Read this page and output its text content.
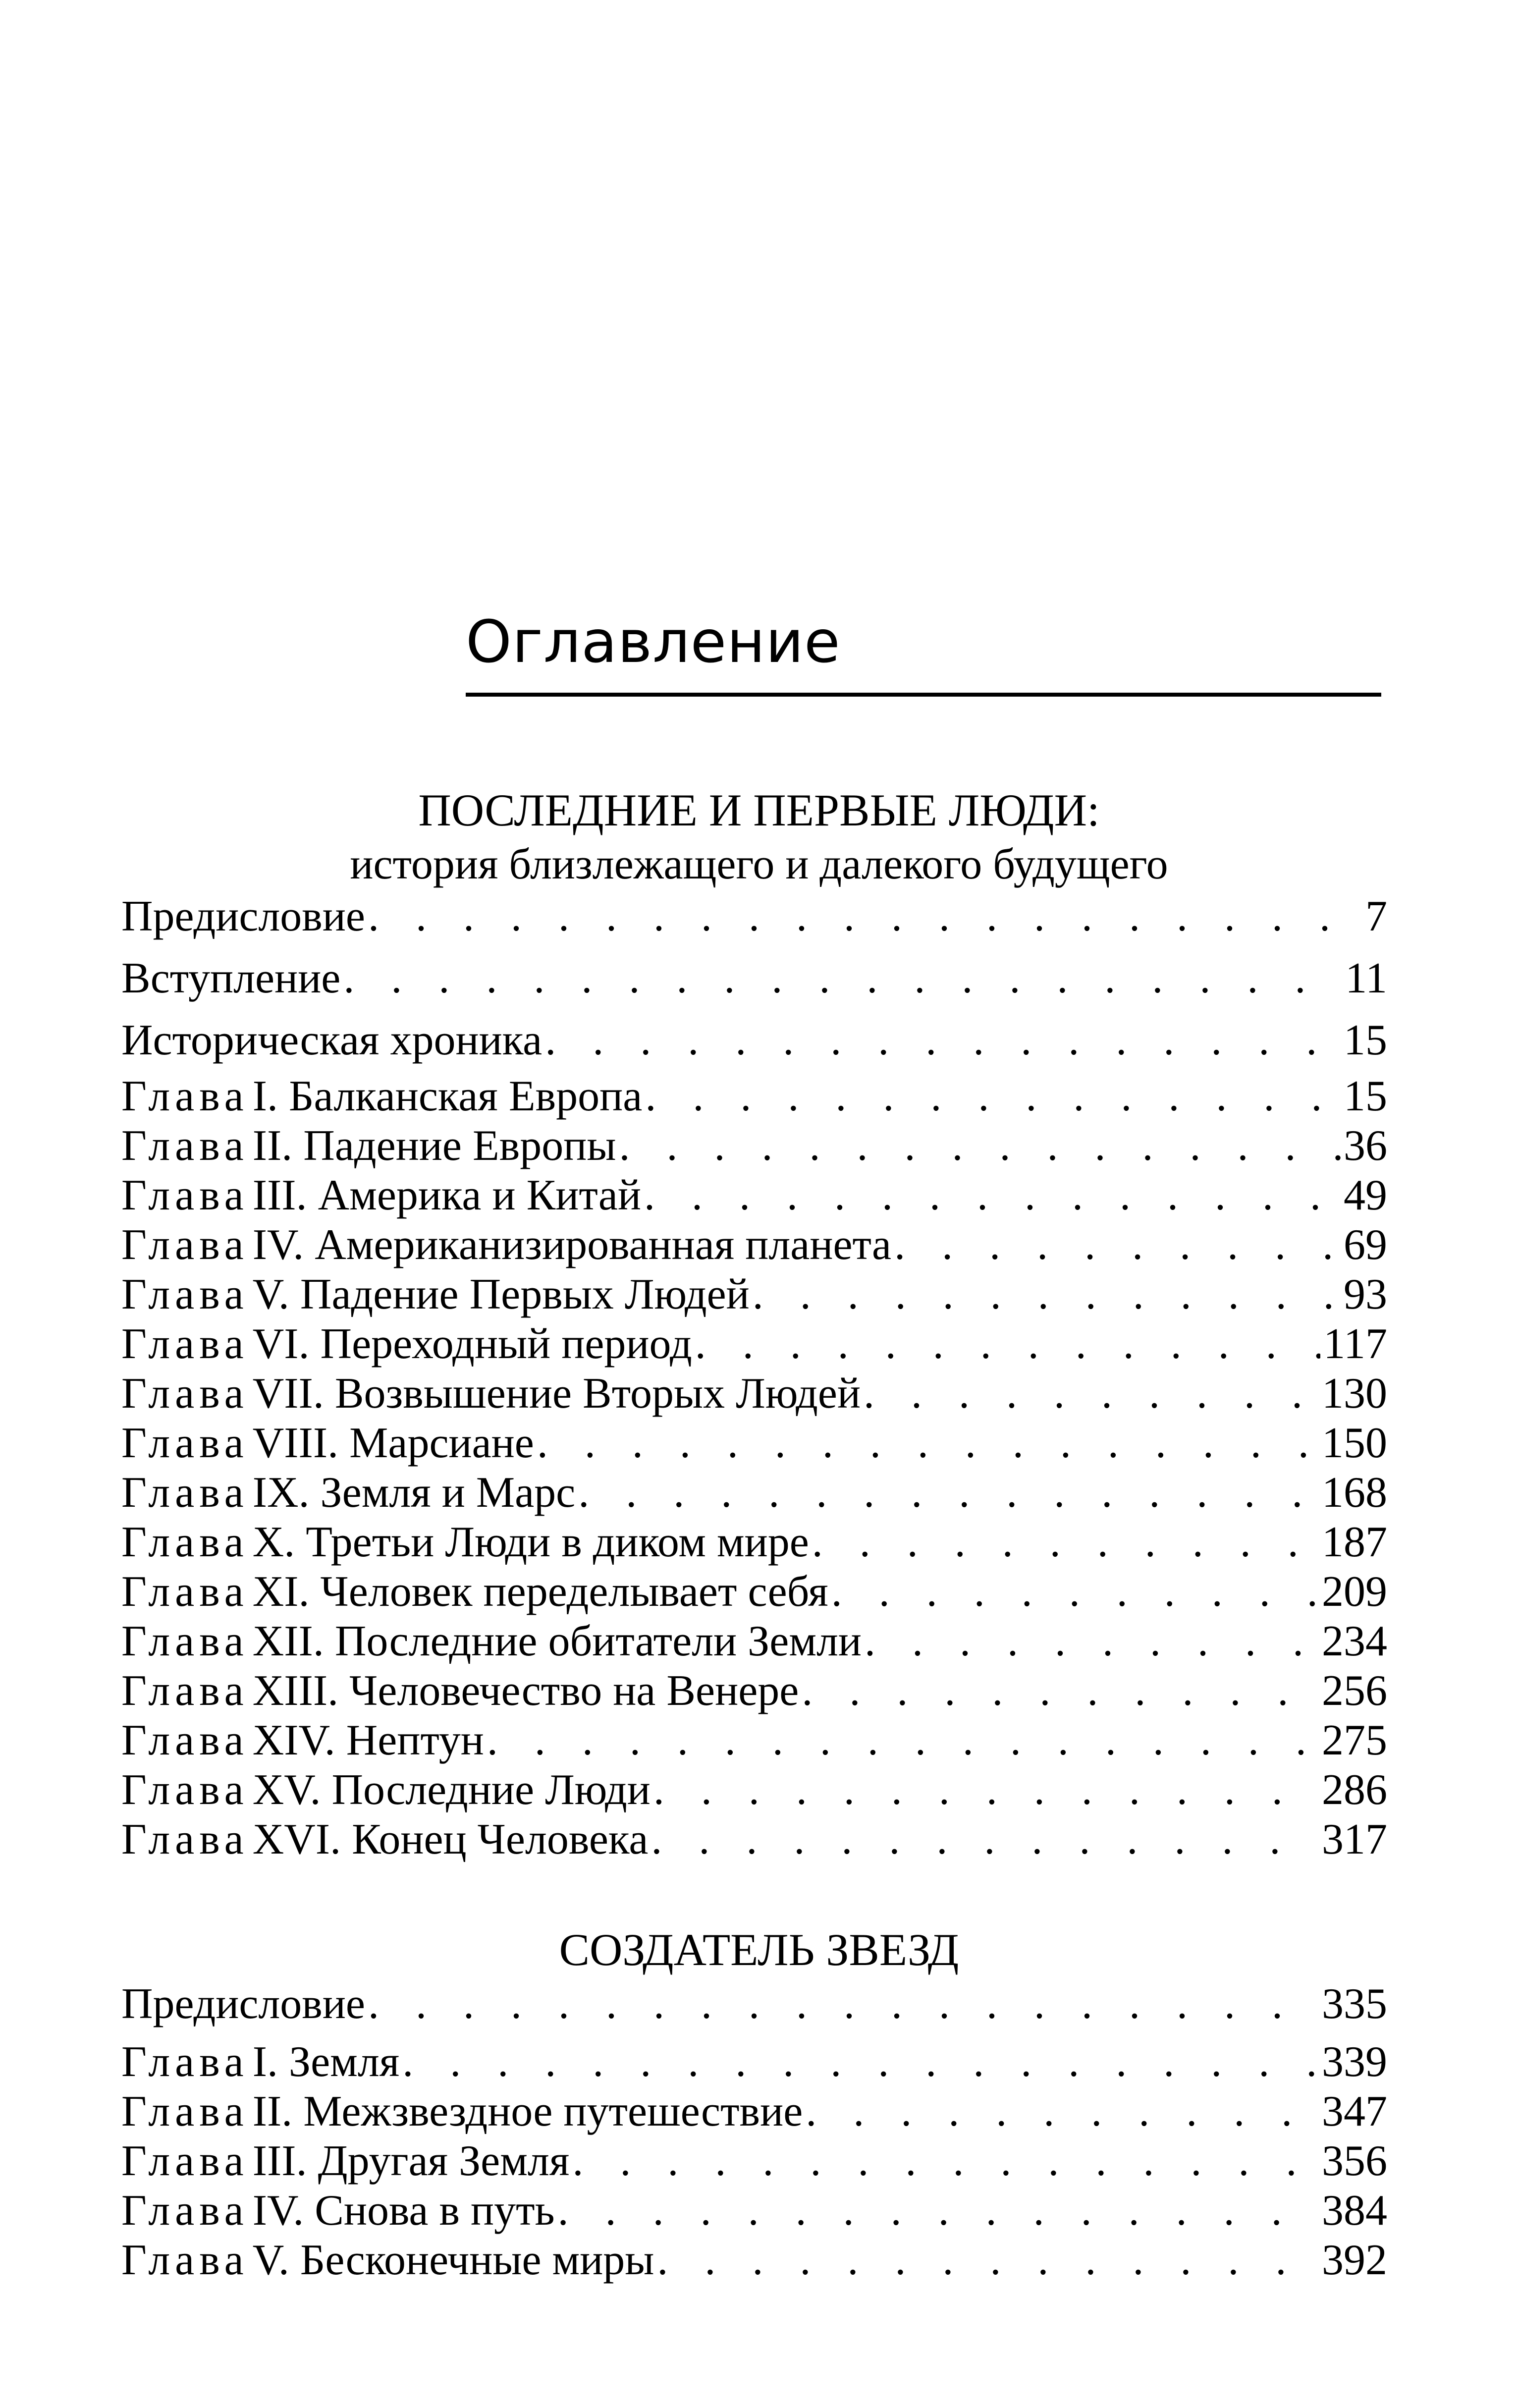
Оглавление
ПОСЛЕДНИЕ И ПЕРВЫЕ ЛЮДИ:
история близлежащего и далекого будущего
Предисловие . . .	7
Вступление . . .	11
Историческая хроника . . .	15
ГлаваI. Балканская Европа . . .	15
ГлаваII. Падение Европы . . .	36
ГлаваIII. Америка и Китай . . .	49
ГлаваIV. Американизированная планета . . .	69
ГлаваV. Падение Первых Людей . . .	93
ГлаваVI. Переходный период . . .	117
ГлаваVII. Возвышение Вторых Людей . . .	130
ГлаваVIII. Марсиане . . .	150
ГлаваIX. Земля и Марс . . .	168
ГлаваX. Третьи Люди в диком мире . . .	187
ГлаваXI. Человек переделывает себя . . .	209
ГлаваXII. Последние обитатели Земли . . .	234
ГлаваXIII. Человечество на Венере . . .	256
ГлаваXIV. Нептун . . .	275
ГлаваXV. Последние Люди . . .	286
ГлаваXVI. Конец Человека . . .	317
СОЗДАТЕЛЬ ЗВЕЗД
Предисловие . . .	335
ГлаваI. Земля . . .	339
ГлаваII. Межзвездное путешествие . . .	347
ГлаваIII. Другая Земля . . .	356
ГлаваIV. Снова в путь . . .	384
ГлаваV. Бесконечные миры . . .	392
